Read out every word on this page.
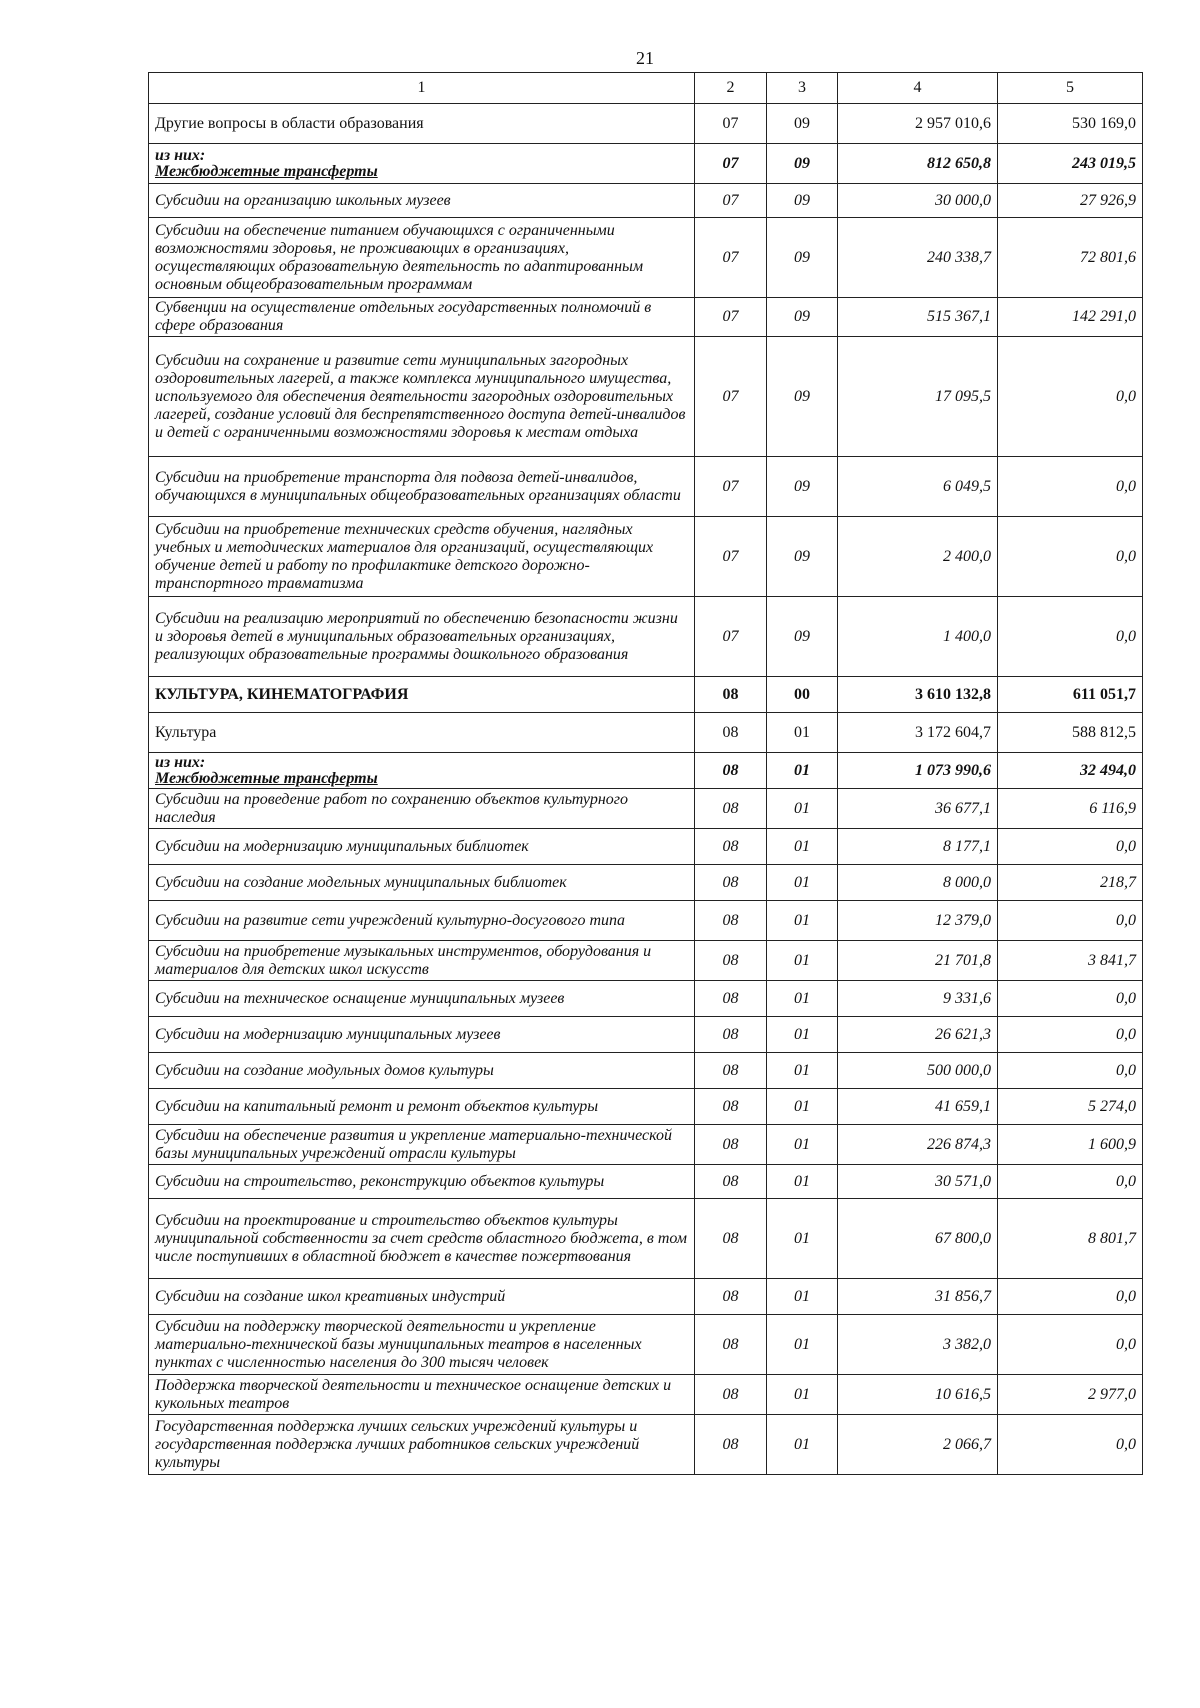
21
1	2	3	4	5
Другие вопросы в области образования	07	09	2 957 010,6	530 169,0

из них:
Межбюджетные трансферты	07	09	812 650,8	243 019,5
Субсидии на организацию школьных музеев	07	09	30 000,0	27 926,9
Субсидии на обеспечение питанием обучающихся с ограниченными возможностями здоровья, не проживающих в организациях, осуществляющих образовательную деятельность по адаптированным основным общеобразовательным программам	07	09	240 338,7	72 801,6
Субвенции на осуществление отдельных государственных полномочий в сфере образования	07	09	515 367,1	142 291,0
Субсидии на сохранение и развитие сети муниципальных загородных оздоровительных лагерей, а также комплекса муниципального имущества, используемого для обеспечения деятельности загородных оздоровительных лагерей, создание условий для беспрепятственного доступа детей-инвалидов и детей с ограниченными возможностями здоровья к местам отдыха	07	09	17 095,5	0,0
Субсидии на приобретение транспорта для подвоза детей-инвалидов, обучающихся в муниципальных общеобразовательных организациях области	07	09	6 049,5	0,0
Субсидии на приобретение технических средств обучения, наглядных учебных и методических материалов для организаций, осуществляющих обучение детей и работу по профилактике детского дорожно-транспортного травматизма	07	09	2 400,0	0,0
Субсидии на реализацию мероприятий по обеспечению безопасности жизни и здоровья детей в муниципальных образовательных организациях, реализующих образовательные программы дошкольного образования	07	09	1 400,0	0,0
КУЛЬТУРА, КИНЕМАТОГРАФИЯ	08	00	3 610 132,8	611 051,7
Культура	08	01	3 172 604,7	588 812,5

из них:
Межбюджетные трансферты	08	01	1 073 990,6	32 494,0
Субсидии на проведение работ по сохранению объектов культурного наследия	08	01	36 677,1	6 116,9
Субсидии на модернизацию муниципальных библиотек	08	01	8 177,1	0,0
Субсидии на создание модельных муниципальных библиотек	08	01	8 000,0	218,7
Субсидии на развитие сети учреждений культурно-досугового типа	08	01	12 379,0	0,0
Субсидии на приобретение музыкальных инструментов, оборудования и материалов для детских школ искусств	08	01	21 701,8	3 841,7
Субсидии на техническое оснащение муниципальных музеев	08	01	9 331,6	0,0
Субсидии на модернизацию муниципальных музеев	08	01	26 621,3	0,0
Субсидии на создание модульных домов культуры	08	01	500 000,0	0,0
Субсидии на капитальный ремонт и ремонт объектов культуры	08	01	41 659,1	5 274,0
Субсидии на обеспечение развития и укрепление материально-технической базы муниципальных учреждений отрасли культуры	08	01	226 874,3	1 600,9
Субсидии на строительство, реконструкцию объектов культуры	08	01	30 571,0	0,0
Субсидии на проектирование и строительство объектов культуры муниципальной собственности за счет средств областного бюджета, в том числе поступивших в областной бюджет в качестве пожертвования	08	01	67 800,0	8 801,7
Субсидии на создание школ креативных индустрий	08	01	31 856,7	0,0
Субсидии на поддержку творческой деятельности и укрепление материально-технической базы муниципальных театров в населенных пунктах с численностью населения до 300 тысяч человек	08	01	3 382,0	0,0
Поддержка творческой деятельности и техническое оснащение детских и кукольных театров	08	01	10 616,5	2 977,0
Государственная поддержка лучших сельских учреждений культуры и государственная поддержка лучших работников сельских учреждений культуры	08	01	2 066,7	0,0
